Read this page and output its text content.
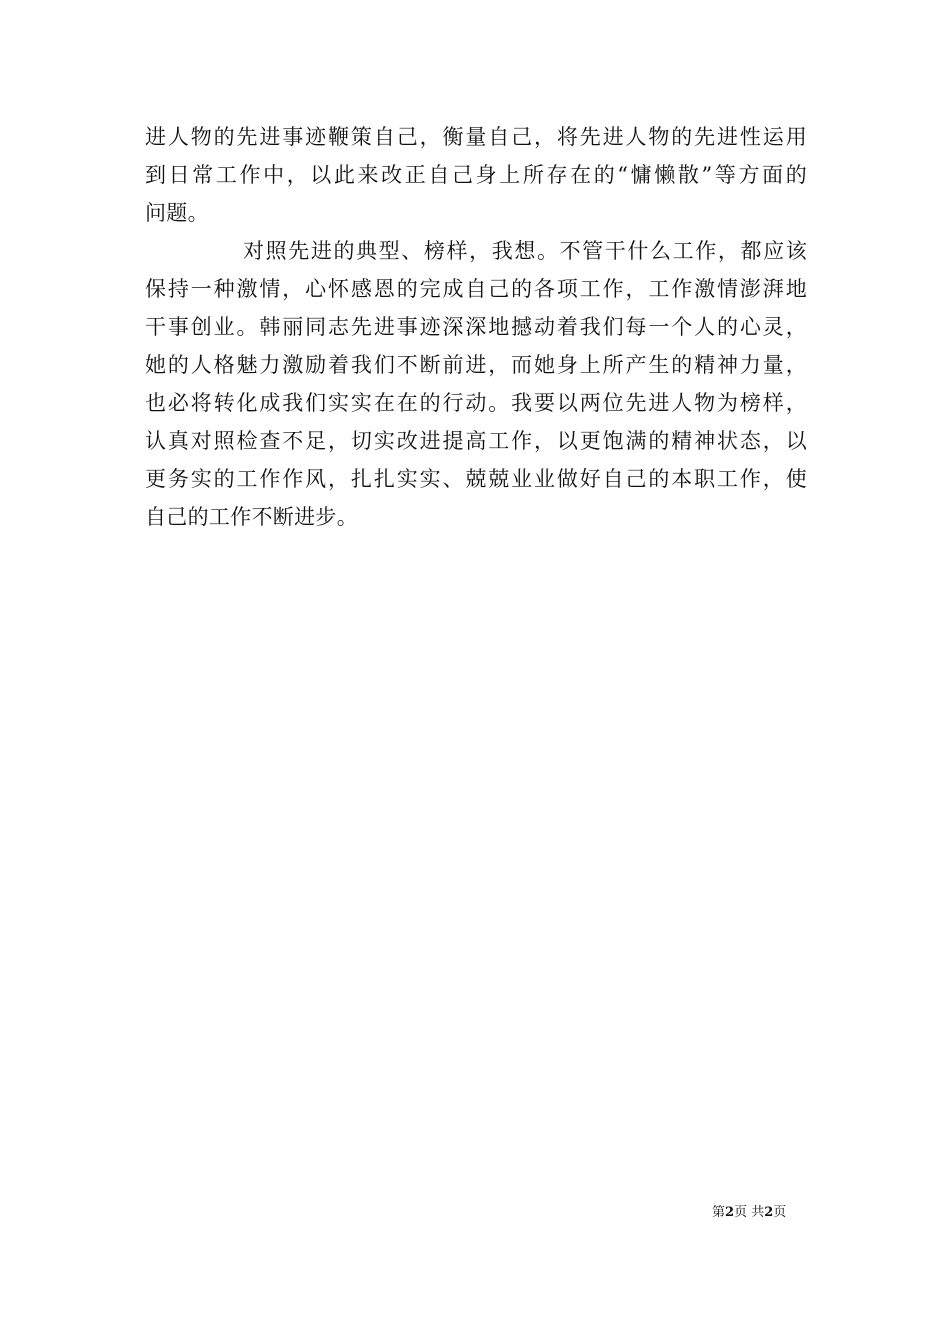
进人物的先进事迹鞭策自己，衡量自己，将先进人物的先进性运用
到日常工作中，以此来改正自己身上所存在的“慵懒散”等方面的
问题。
对照先进的典型、榜样，我想。不管干什么工作，都应该
保持一种激情，心怀感恩的完成自己的各项工作，工作激情澎湃地
干事创业。韩丽同志先进事迹深深地撼动着我们每一个人的心灵，
她的人格魅力激励着我们不断前进，而她身上所产生的精神力量，
也必将转化成我们实实在在的行动。我要以两位先进人物为榜样，
认真对照检查不足，切实改进提高工作，以更饱满的精神状态，以
更务实的工作作风，扎扎实实、兢兢业业做好自己的本职工作，使
自己的工作不断进步。
第2页 共2页
